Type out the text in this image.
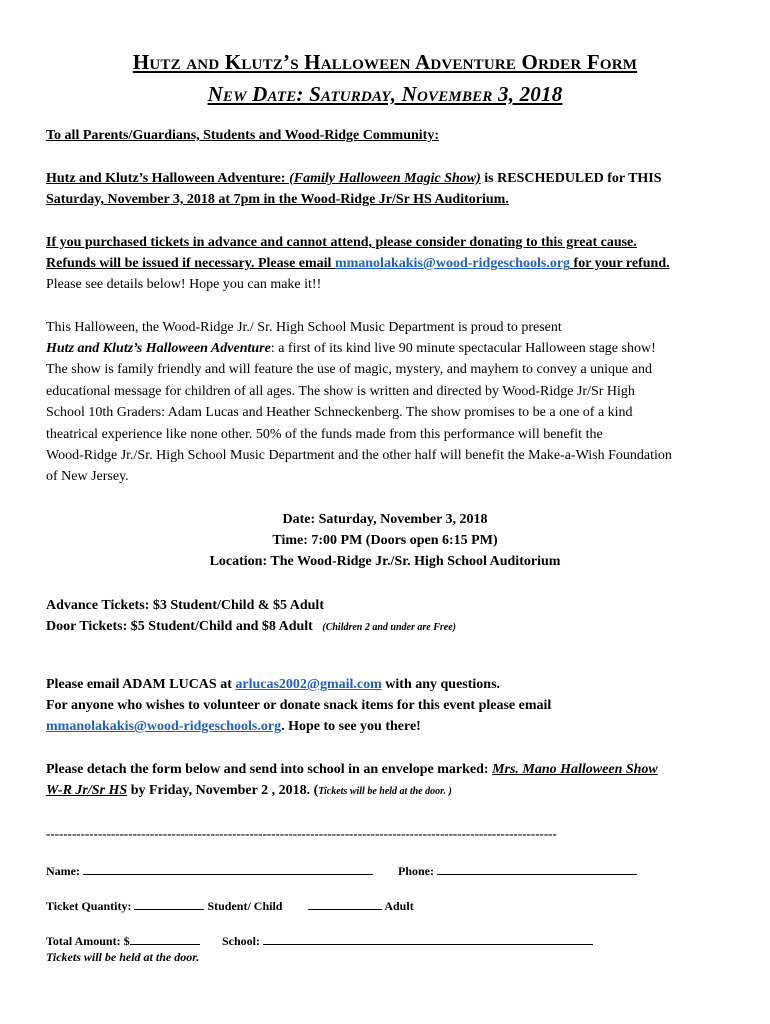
Hutz and Klutz’s Halloween Adventure Order Form
New Date: Saturday, November 3, 2018
To all Parents/Guardians, Students and Wood-Ridge Community:
Hutz and Klutz’s Halloween Adventure: (Family Halloween Magic Show) is RESCHEDULED for THIS
Saturday, November 3, 2018 at 7pm in the Wood-Ridge Jr/Sr HS Auditorium.
If you purchased tickets in advance and cannot attend, please consider donating to this great cause.
Refunds will be issued if necessary. Please email mmanolakakis@wood-ridgeschools.org for your refund.
Please see details below! Hope you can make it!!
This Halloween, the Wood-Ridge Jr./ Sr. High School Music Department is proud to present
Hutz and Klutz’s Halloween Adventure: a first of its kind live 90 minute spectacular Halloween stage show!
The show is family friendly and will feature the use of magic, mystery, and mayhem to convey a unique and
educational message for children of all ages. The show is written and directed by Wood-Ridge Jr/Sr High
School 10th Graders: Adam Lucas and Heather Schneckenberg. The show promises to be a one of a kind
theatrical experience like none other. 50% of the funds made from this performance will benefit the
Wood-Ridge Jr./Sr. High School Music Department and the other half will benefit the Make-a-Wish Foundation
of New Jersey.
Date: Saturday, November 3, 2018
Time: 7:00 PM (Doors open 6:15 PM)
Location: The Wood-Ridge Jr./Sr. High School Auditorium
Advance Tickets: $3 Student/Child & $5 Adult
Door Tickets: $5 Student/Child and $8 Adult (Children 2 and under are Free)
Please email ADAM LUCAS at arlucas2002@gmail.com with any questions.
For anyone who wishes to volunteer or donate snack items for this event please email
mmanolakakis@wood-ridgeschools.org. Hope to see you there!
Please detach the form below and send into school in an envelope marked: Mrs. Mano Halloween Show
W-R Jr/Sr HS by Friday, November 2 , 2018. (Tickets will be held at the door. )
----------------------------------------------------------------------------------------------------------------------
Name:	Phone:
Ticket Quantity:	Student/ Child	Adult
Total Amount: $	School:
Tickets will be held at the door.
